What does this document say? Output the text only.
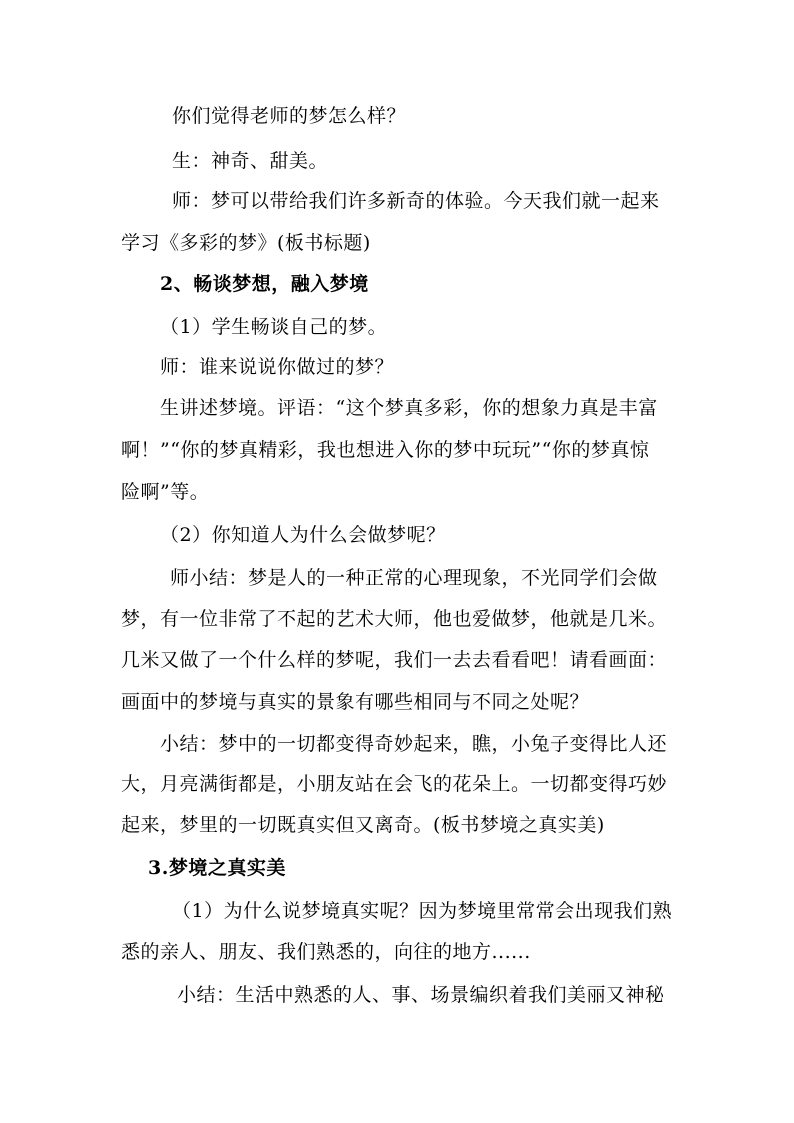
你们觉得老师的梦怎么样？
生：神奇、甜美。
师：梦可以带给我们许多新奇的体验。今天我们就一起来
学习《多彩的梦》(板书标题)
2、畅谈梦想，融入梦境
（1）学生畅谈自己的梦。
师：谁来说说你做过的梦？
生讲述梦境。评语：“这个梦真多彩，你的想象力真是丰富
啊！”“你的梦真精彩，我也想进入你的梦中玩玩”“你的梦真惊
险啊”等。
（2）你知道人为什么会做梦呢？
师小结：梦是人的一种正常的心理现象，不光同学们会做
梦，有一位非常了不起的艺术大师，他也爱做梦，他就是几米。
几米又做了一个什么样的梦呢，我们一去去看看吧！请看画面：
画面中的梦境与真实的景象有哪些相同与不同之处呢？
小结：梦中的一切都变得奇妙起来，瞧，小兔子变得比人还
大，月亮满街都是，小朋友站在会飞的花朵上。一切都变得巧妙
起来，梦里的一切既真实但又离奇。(板书梦境之真实美)
3.梦境之真实美
（1）为什么说梦境真实呢？因为梦境里常常会出现我们熟
悉的亲人、朋友、我们熟悉的，向往的地方......
小结：生活中熟悉的人、事、场景编织着我们美丽又神秘
